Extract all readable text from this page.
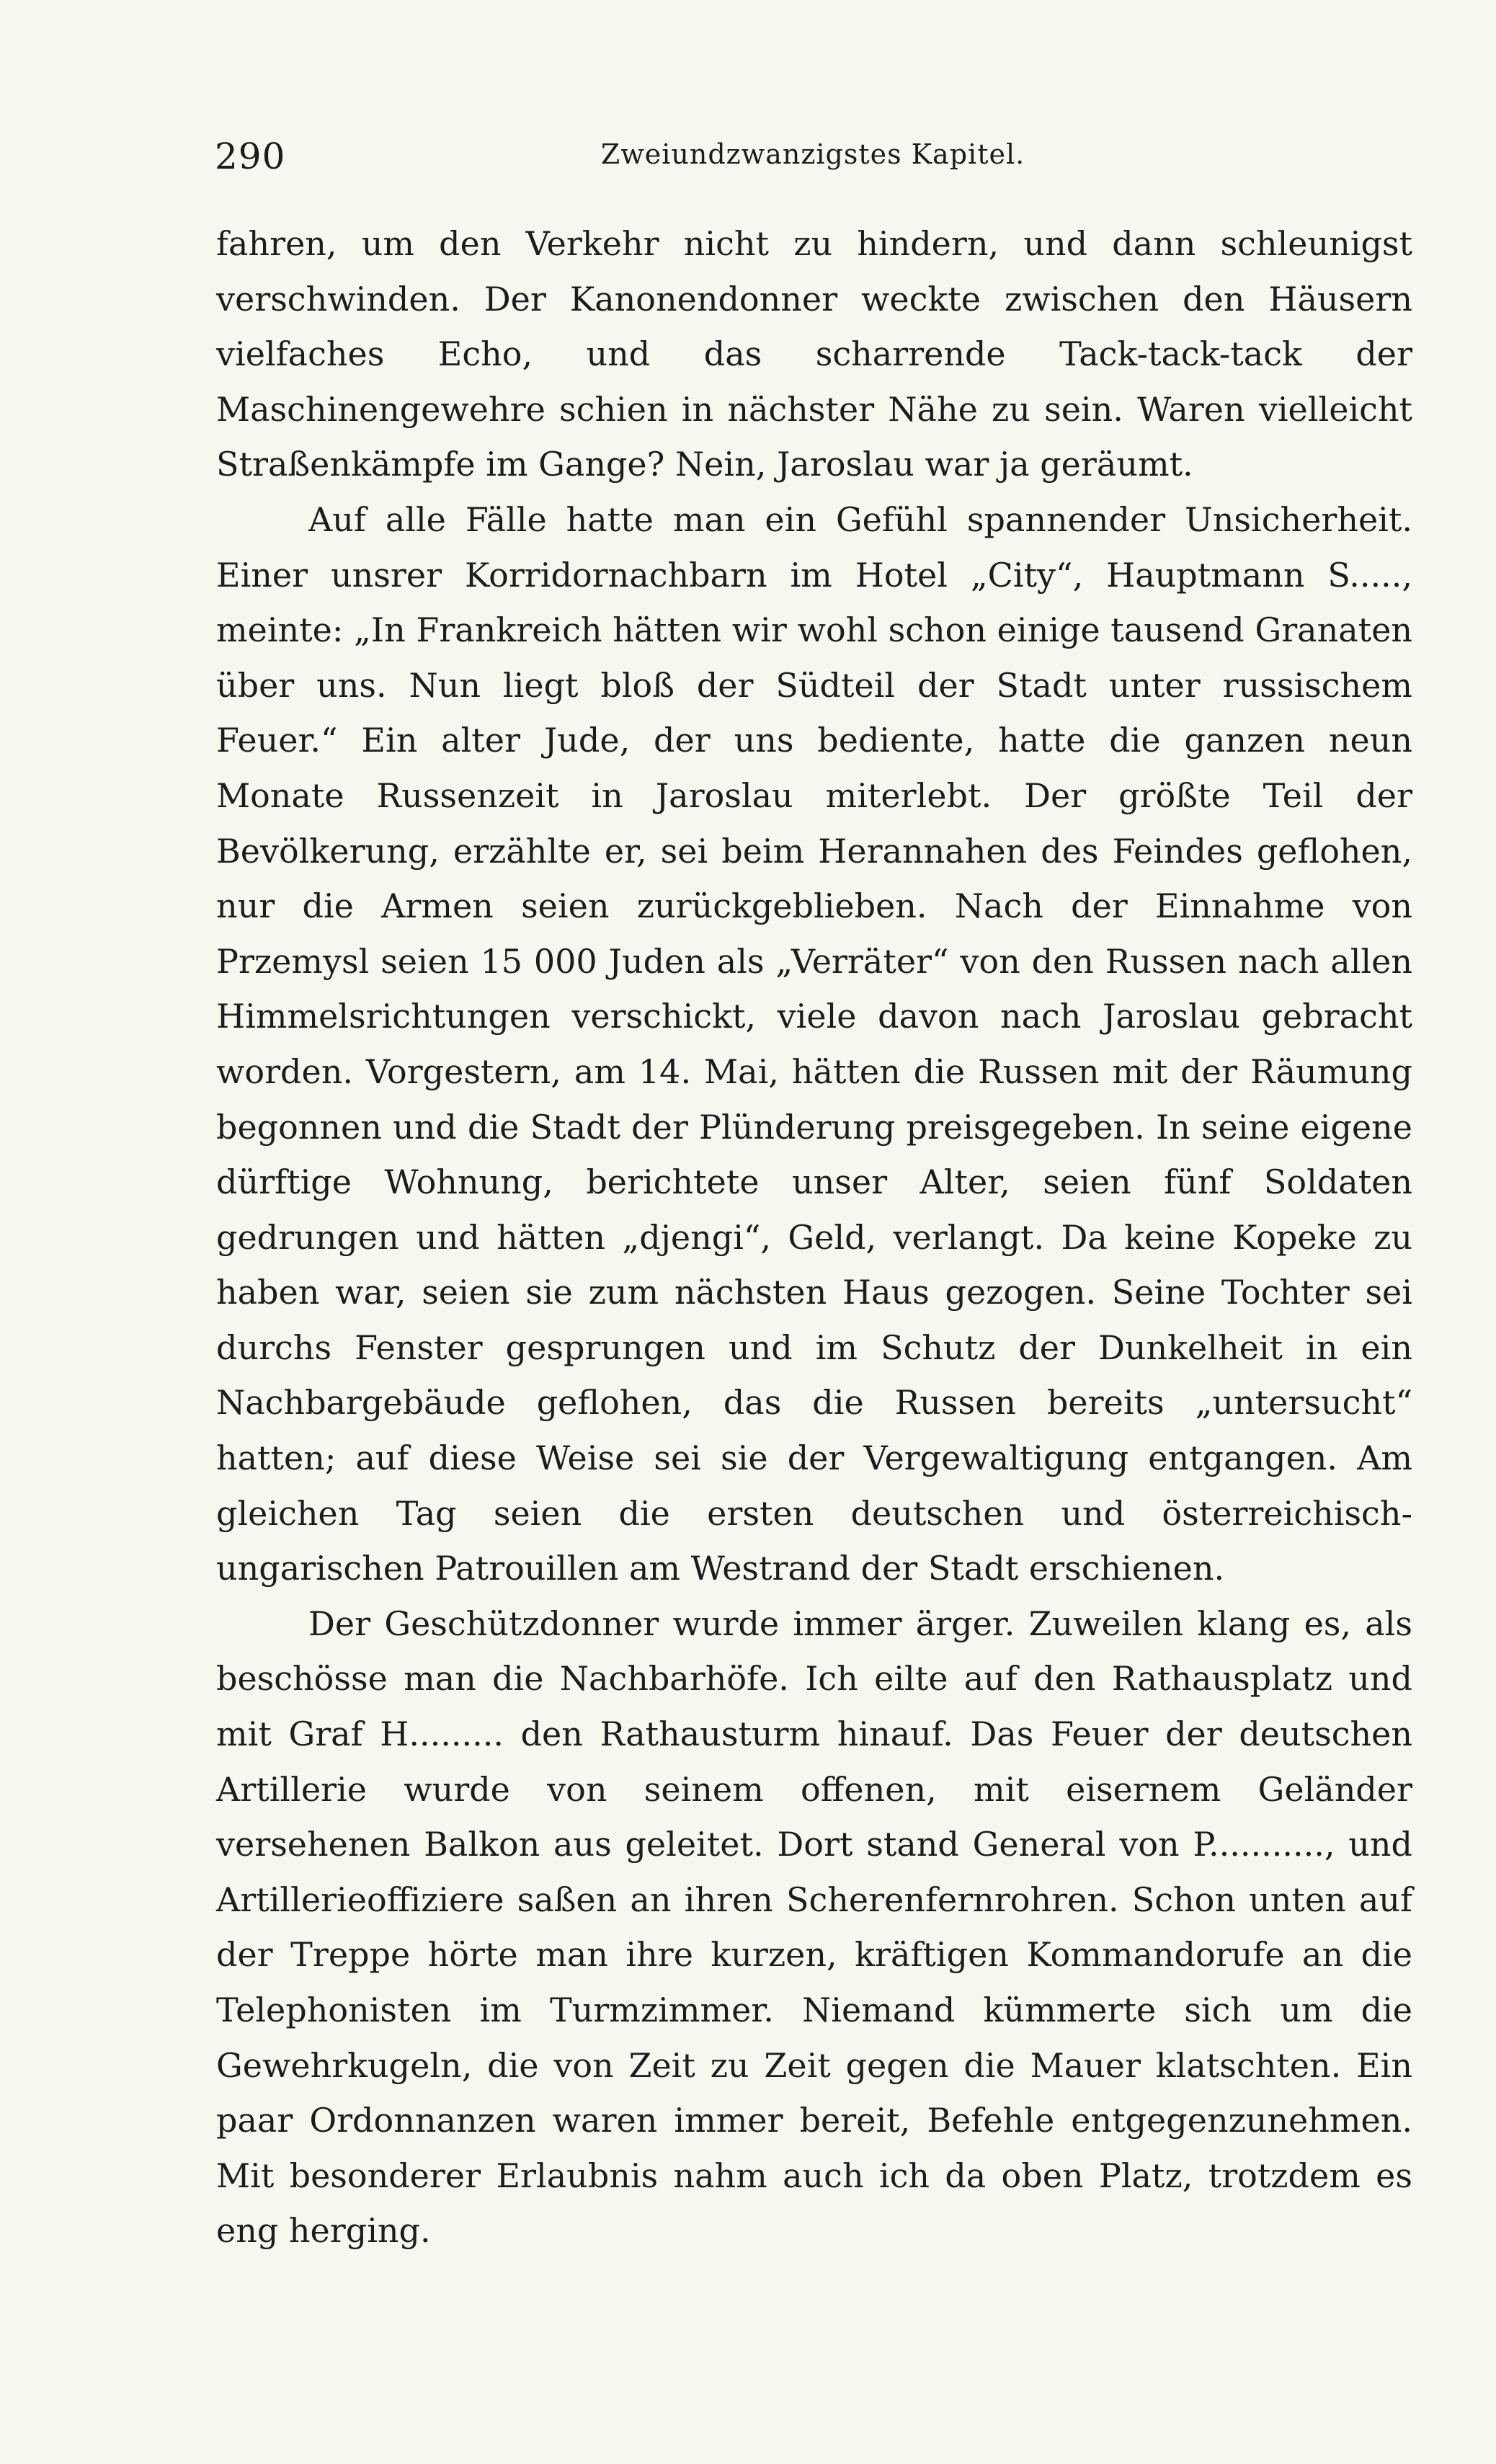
290	Zweiundzwanzigstes Kapitel.

fahren, um den Verkehr nicht zu hindern, und dann schleunigst verschwinden. Der Kanonendonner weckte zwischen den Häusern vielfaches Echo, und das scharrende Tack-tack-tack der Maschinengewehre schien in nächster Nähe zu sein. Waren vielleicht Straßenkämpfe im Gange? Nein, Jaroslau war ja geräumt.

Auf alle Fälle hatte man ein Gefühl spannender Unsicherheit. Einer unsrer Korridornachbarn im Hotel „City“, Hauptmann S....., meinte: „In Frankreich hätten wir wohl schon einige tausend Granaten über uns. Nun liegt bloß der Südteil der Stadt unter russischem Feuer.“ Ein alter Jude, der uns bediente, hatte die ganzen neun Monate Russenzeit in Jaroslau miterlebt. Der größte Teil der Bevölkerung, erzählte er, sei beim Herannahen des Feindes geflohen, nur die Armen seien zurückgeblieben. Nach der Einnahme von Przemysl seien 15 000 Juden als „Verräter“ von den Russen nach allen Himmelsrichtungen verschickt, viele davon nach Jaroslau gebracht worden. Vorgestern, am 14. Mai, hätten die Russen mit der Räumung begonnen und die Stadt der Plünderung preisgegeben. In seine eigene dürftige Wohnung, berichtete unser Alter, seien fünf Soldaten gedrungen und hätten „djengi“, Geld, verlangt. Da keine Kopeke zu haben war, seien sie zum nächsten Haus gezogen. Seine Tochter sei durchs Fenster gesprungen und im Schutz der Dunkelheit in ein Nachbargebäude geflohen, das die Russen bereits „untersucht“ hatten; auf diese Weise sei sie der Vergewaltigung entgangen. Am gleichen Tag seien die ersten deutschen und österreichisch-ungarischen Patrouillen am Westrand der Stadt erschienen.

Der Geschützdonner wurde immer ärger. Zuweilen klang es, als beschösse man die Nachbarhöfe. Ich eilte auf den Rathausplatz und mit Graf H......... den Rathausturm hinauf. Das Feuer der deutschen Artillerie wurde von seinem offenen, mit eisernem Geländer versehenen Balkon aus geleitet. Dort stand General von P..........., und Artillerieoffiziere saßen an ihren Scherenfernrohren. Schon unten auf der Treppe hörte man ihre kurzen, kräftigen Kommandorufe an die Telephonisten im Turmzimmer. Niemand kümmerte sich um die Gewehrkugeln, die von Zeit zu Zeit gegen die Mauer klatschten. Ein paar Ordonnanzen waren immer bereit, Befehle entgegenzunehmen. Mit besonderer Erlaubnis nahm auch ich da oben Platz, trotzdem es eng herging.
